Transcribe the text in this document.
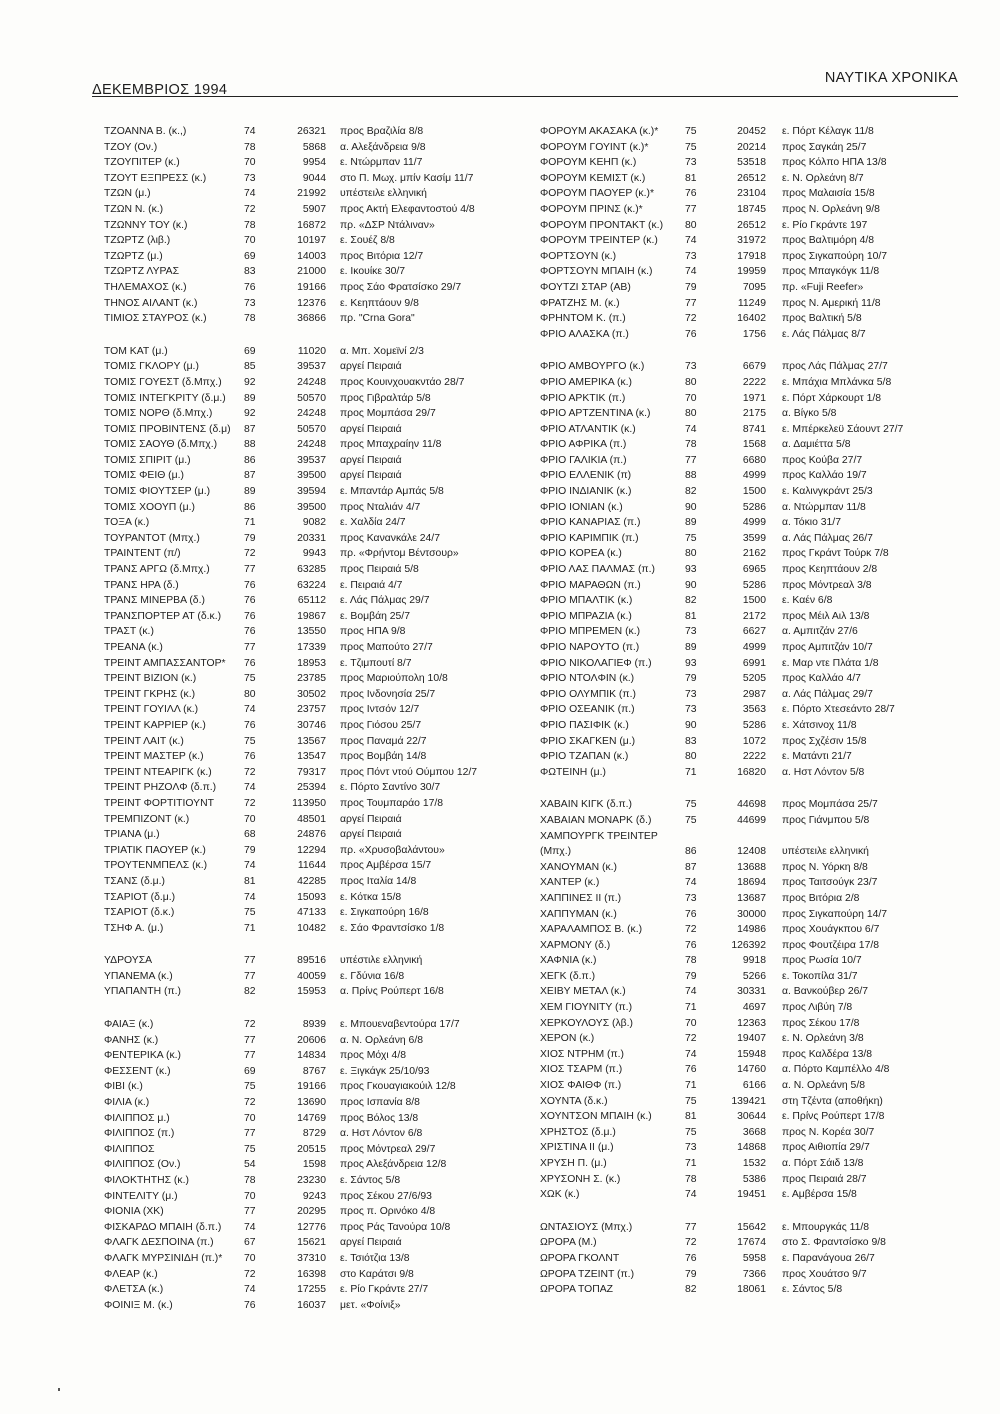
ΔΕΚΕΜΒΡΙΟΣ 1994
ΝΑΥΤΙΚΑ ΧΡΟΝΙΚΑ
ΤΖΟΑΝΝΑ Β. (κ.,)	74	26321 προς Βραζιλία 8/8
ΤΖΟΥ (Ον.)	78	5868 α. Αλεξάνδρεια 9/8
ΤΖΟΥΠΙΤΕΡ (κ.)	70	9954 ε. Ντώρμπαν 11/7
ΤΖΟΥΤ ΕΞΠΡΕΣΣ (κ.)	73	9044 στο Π. Μωχ. μπίν Κασίμ 11/7
ΤΖΩΝ (μ.)	74	21992 υπέστειλε ελληνική
ΤΖΩΝ Ν. (κ.)	72	5907 προς Ακτή Ελεφαντοστού 4/8
ΤΖΩΝΝΥ ΤΟΥ (κ.)	78	16872 πρ. «ΔΣΡ Ντάλιναν»
ΤΖΩΡΤΖ (λιβ.)	70	10197 ε. Σουέζ 8/8
ΤΖΩΡΤΖ (μ.)	69	14003 προς Βιτόρια 12/7
ΤΖΩΡΤΖ ΛΥΡΑΣ	83	21000 ε. Ικουίκε 30/7
ΤΗΛΕΜΑΧΟΣ (κ.)	76	19166 προς Σάο Φρατσίσκο 29/7
ΤΗΝΟΣ ΑΙΛΑΝΤ (κ.)	73	12376 ε. Κεηπτάουν 9/8
ΤΙΜΙΟΣ ΣΤΑΥΡΟΣ (κ.)	78	36866 πρ. "Crna Gora"
ΤΟΜ ΚΑΤ (μ.)	69	11020 α. Μπ. Χομεϊνί 2/3
ΤΟΜΙΣ ΓΚΛΟΡΥ (μ.)	85	39537 αργεί Πειραιά
ΤΟΜΙΣ ΓΟΥΕΣΤ (δ.Μπχ.) 92	24248 προς Κουινχουακντάο 28/7
ΤΟΜΙΣ ΙΝΤΕΓΚΡΙΤΥ (δ.μ.) 89	50570 προς Γιβραλτάρ 5/8
ΤΟΜΙΣ ΝΟΡΘ (δ.Μπχ.)	92	24248 προς Μομπάσα 29/7
ΤΟΜΙΣ ΠΡΟΒΙΝΤΕΝΣ (δ.μ) 87	50570 αργεί Πειραιά
ΤΟΜΙΣ ΣΑΟΥΘ (δ.Μπχ.)	88	24248 προς Μπαχραίην 11/8
ΤΟΜΙΣ ΣΠΙΡΙΤ (μ.)	86	39537 αργεί Πειραιά
ΤΟΜΙΣ ΦΕΙΘ (μ.)	87	39500 αργεί Πειραιά
ΤΟΜΙΣ ΦΙΟΥΤΣΕΡ (μ.)	89	39594 ε. Μπαντάρ Αμπάς 5/8
ΤΟΜΙΣ ΧΟΟΥΠ (μ.)	86	39500 προς Νταλιάν 4/7
ΤΟΞΑ (κ.)	71	9082 ε. Χαλδία 24/7
ΤΟΥΡΑΝΤΟΤ (Μπχ.)	79	20331 προς Κανανκάλε 24/7
ΤΡΑΙΝΤΕΝΤ (π/)	72	9943 πρ. «Φρήντομ Βέντσουρ»
ΤΡΑΝΣ ΑΡΓΩ (δ.Μπχ.)	77	63285 προς Πειραιά 5/8
ΤΡΑΝΣ ΗΡΑ (δ.)	76	63224 ε. Πειραιά 4/7
ΤΡΑΝΣ ΜΙΝΕΡΒΑ (δ.)	76	65112 ε. Λάς Πάλμας 29/7
ΤΡΑΝΣΠΟΡΤΕΡ ΑΤ (δ.κ.) 76	19867 ε. Βομβάη 25/7
ΤΡΑΣΤ (κ.)	76	13550 προς ΗΠΑ 9/8
ΤΡΕΑΝΑ (κ.)	77	17339 προς Μαπούτο 27/7
ΤΡΕΙΝΤ ΑΜΠΑΣΣΑΝΤΟΡ* 76	18953 ε. Τζιμπουτί 8/7
ΤΡΕΙΝΤ ΒΙΖΙΟΝ (κ.)	75	23785 προς Μαριούπολη 10/8
ΤΡΕΙΝΤ ΓΚΡΗΣ (κ.)	80	30502 προς Ινδονησία 25/7
ΤΡΕΙΝΤ ΓΟΥΙΛΛ (κ.)	74	23757 προς Ιντσόν 12/7
ΤΡΕΙΝΤ ΚΑΡΡΙΕΡ (κ.)	76	30746 προς Γιόσου 25/7
ΤΡΕΙΝΤ ΛΑΙΤ (κ.)	75	13567 προς Παναμά 22/7
ΤΡΕΙΝΤ ΜΑΣΤΕΡ (κ.)	76	13547 προς Βομβάη 14/8
ΤΡΕΙΝΤ ΝΤΕΑΡΙΓΚ (κ.)	72	79317 προς Πόντ ντού Ούμπου 12/7
ΤΡΕΙΝΤ ΡΗΖΟΛΦ (δ.π.)	74	25394 ε. Πόρτο Σαντίνο 30/7
ΤΡΕΙΝΤ ΦΟΡΤΙΤΙΟΥΝΤ	72	113950 προς Τουμπαράο 17/8
ΤΡΕΜΠΙΖΟΝΤ (κ.)	70	48501 αργεί Πειραιά
ΤΡΙΑΝΑ (μ.)	68	24876 αργεί Πειραιά
ΤΡΙΑΤΙΚ ΠΑΟΥΕΡ (κ.)	79	12294 πρ. «Χρυσοβαλάντου»
ΤΡΟΥΤΕΝΜΠΕΛΣ (κ.)	74	11644 προς Αμβέρσα 15/7
ΤΣΑΝΣ (δ.μ.)	81	42285 προς Ιταλία 14/8
ΤΣΑΡΙΟΤ (δ.μ.)	74	15093 ε. Κότκα 15/8
ΤΣΑΡΙΟΤ (δ.κ.)	75	47133 ε. Σιγκαπούρη 16/8
ΤΣΗΦ Α. (μ.)	71	10482 ε. Σάο Φραντσίσκο 1/8
ΥΔΡΟΥΣΑ	77	89516 υπέστιλε ελληνική
ΥΠΑΝΕΜΑ (κ.)	77	40059 ε. Γδύνια 16/8
ΥΠΑΠΑΝΤΗ (π.)	82	15953 α. Πρίνς Ρούπερτ 16/8
ΦΑΙΑΞ (κ.)	72	8939 ε. Μπουεναβεντούρα 17/7
ΦΑΝΗΣ (κ.)	77	20606 α. Ν. Ορλεάνη 6/8
ΦΕΝΤΕΡΙΚΑ (κ.)	77	14834 προς Μόχι 4/8
ΦΕΣΣΕΝΤ (κ.)	69	8767 ε. Ξιγκάγκ 25/10/93
ΦΙΒΙ (κ.)	75	19166 προς Γκουαγιακούιλ 12/8
ΦΙΛΙΑ (κ.)	72	13690 προς Ισπανία 8/8
ΦΙΛΙΠΠΟΣ μ.)	70	14769 προς Βόλος 13/8
ΦΙΛΙΠΠΟΣ (π.)	77	8729 α. Ηστ Λόντον 6/8
ΦΙΛΙΠΠΟΣ	75	20515 προς Μόντρεαλ 29/7
ΦΙΛΙΠΠΟΣ (Ον.)	54	1598 προς Αλεξάνδρεια 12/8
ΦΙΛΟΚΤΗΤΗΣ (κ.)	78	23230 ε. Σάντος 5/8
ΦΙΝΤΕΛΙΤΥ (μ.)	70	9243 προς Σέκου 27/6/93
ΦΙΟΝΙΑ (ΧΚ)	77	20295 προς π. Ορινόκο 4/8
ΦΙΣΚΑΡΔΟ ΜΠΑΙΗ (δ.π.) 74	12776 προς Ράς Τανούρα 10/8
ΦΛΑΓΚ ΔΕΣΠΟΙΝΑ (π.)	67	15621 αργεί Πειραιά
ΦΛΑΓΚ ΜΥΡΣΙΝΙΔΗ (π.)* 70	37310 ε. Τσιότζια 13/8
ΦΛΕΑΡ (κ.)	72	16398 στο Καράτσι 9/8
ΦΛΕΤΣΑ (κ.)	74	17255 ε. Ρίο Γκράντε 27/7
ΦΟΙΝΙΞ Μ. (κ.)	76	16037 μετ. «Φοίνιξ»
ΦΟΡΟΥΜ ΑΚΑΣΑΚΑ (κ.)*	75	20452 ε. Πόρτ Κέλαγκ 11/8
ΦΟΡΟΥΜ ΓΟΥΙΝΤ (κ.)*	75	20214 προς Σαγκάη 25/7
ΦΟΡΟΥΜ ΚΕΗΠ (κ.)	73	53518 προς Κόλπο ΗΠΑ 13/8
ΦΟΡΟΥΜ ΚΕΜΙΣΤ (κ.)	81	26512 ε. Ν. Ορλεάνη 8/7
ΦΟΡΟΥΜ ΠΑΟΥΕΡ (κ.)*	76	23104 προς Μαλαισία 15/8
ΦΟΡΟΥΜ ΠΡΙΝΣ (κ.)*	77	18745 προς Ν. Ορλεάνη 9/8
ΦΟΡΟΥΜ ΠΡΟΝΤΑΚΤ (κ.) 80	26512 ε. Ρίο Γκράντε 197
ΦΟΡΟΥΜ ΤΡΕΙΝΤΕΡ (κ.)	74	31972 προς Βαλτιμόρη 4/8
ΦΟΡΤΣΟΥΝ (κ.)	73	17918 προς Σιγκαπούρη 10/7
ΦΟΡΤΣΟΥΝ ΜΠΑΙΗ (κ.)	74	19959 προς Μπαγκόγκ 11/8
ΦΟΥΤΖΙ ΣΤΑΡ (ΑΒ)	79	7095 πρ. «Fuji Reefer»
ΦΡΑΤΖΗΣ Μ. (κ.)	77	11249 προς Ν. Αμερική 11/8
ΦΡΗΝΤΟΜ Κ. (π.)	72	16402 προς Βαλτική 5/8
ΦΡΙΟ ΑΛΑΣΚΑ (π.)	76	1756 ε. Λάς Πάλμας 8/7
ΦΡΙΟ ΑΜΒΟΥΡΓΟ (κ.)	73	6679 προς Λάς Πάλμας 27/7
ΦΡΙΟ ΑΜΕΡΙΚΑ (κ.)	80	2222 ε. Μπάχια Μπλάνκα 5/8
ΦΡΙΟ ΑΡΚΤΙΚ (π.)	70	1971 ε. Πόρτ Χάρκουρτ 1/8
ΦΡΙΟ ΑΡΤΖΕΝΤΙΝΑ (κ.)	80	2175 α. Βίγκο 5/8
ΦΡΙΟ ΑΤΛΑΝΤΙΚ (κ.)	74	8741 ε. Μπέρκελεϋ Σάουντ 27/7
ΦΡΙΟ ΑΦΡΙΚΑ (π.)	78	1568 α. Δαμιέττα 5/8
ΦΡΙΟ ΓΑΛΙΚΙΑ (π.)	77	6680 προς Κούβα 27/7
ΦΡΙΟ ΕΛΛΕΝΙΚ (π)	88	4999 προς Καλλάο 19/7
ΦΡΙΟ ΙΝΔΙΑΝΙΚ (κ.)	82	1500 ε. Καλινγκράντ 25/3
ΦΡΙΟ ΙΟΝΙΑΝ (κ.)	90	5286 α. Ντώρμπαν 11/8
ΦΡΙΟ ΚΑΝΑΡΙΑΣ (π.)	89	4999 α. Τόκιο 31/7
ΦΡΙΟ ΚΑΡΙΜΠΙΚ (π.)	75	3599 α. Λάς Πάλμας 26/7
ΦΡΙΟ ΚΟΡΕΑ (κ.)	80	2162 προς Γκράντ Τούρκ 7/8
ΦΡΙΟ ΛΑΣ ΠΑΛΜΑΣ (π.)	93	6965 προς Κεηπτάουν 2/8
ΦΡΙΟ ΜΑΡΑΘΩΝ (π.)	90	5286 προς Μόντρεαλ 3/8
ΦΡΙΟ ΜΠΑΛΤΙΚ (κ.)	82	1500 ε. Καέν 6/8
ΦΡΙΟ ΜΠΡΑΖΙΑ (κ.)	81	2172 προς Μέιλ Αιλ 13/8
ΦΡΙΟ ΜΠΡΕΜΕΝ (κ.)	73	6627 α. Αμπιτζάν 27/6
ΦΡΙΟ ΝΑΡΟΥΤΟ (π.)	89	4999 προς Αμπιτζάν 10/7
ΦΡΙΟ ΝΙΚΟΛΑΓΙΕΦ (π.)	93	6991 ε. Μαρ ντε Πλάτα 1/8
ΦΡΙΟ ΝΤΟΛΦΙΝ (κ.)	79	5205 προς Καλλάο 4/7
ΦΡΙΟ ΟΛΥΜΠΙΚ (π.)	73	2987 α. Λάς Πάλμας 29/7
ΦΡΙΟ ΟΣΕΑΝΙΚ (π.)	73	3563 ε. Πόρτο Χτεσεάντο 28/7
ΦΡΙΟ ΠΑΣΙΦΙΚ (κ.)	90	5286 ε. Χάτσινοχ 11/8
ΦΡΙΟ ΣΚΑΓΚΕΝ (μ.)	83	1072 προς Σχζέσιν 15/8
ΦΡΙΟ ΤΖΑΠΑΝ (κ.)	80	2222 ε. Ματάντι 21/7
ΦΩΤΕΙΝΗ (μ.)	71	16820 α. Ηστ Λόντον 5/8
ΧΑΒΑΙΝ ΚΙΓΚ (δ.π.)	75	44698 προς Μομπάσα 25/7
ΧΑΒΑΙΑΝ ΜΟΝΑΡΚ (δ.)	75	44699 προς Γιάνμπου 5/8
ΧΑΜΠΟΥΡΓΚ ΤΡΕΙΝΤΕΡ
(Μπχ.)	86	12408 υπέστειλε ελληνική
ΧΑΝΟΥΜΑΝ (κ.)	87	13688 προς Ν. Υόρκη 8/8
ΧΑΝΤΕΡ (κ.)	74	18694 προς Ταιτσούγκ 23/7
ΧΑΠΠΙΝΕΣ ΙΙ (π.)	73	13687 προς Βιτόρια 2/8
ΧΑΠΠΥΜΑΝ (κ.)	76	30000 προς Σιγκαπούρη 14/7
ΧΑΡΑΛΑΜΠΟΣ Β. (κ.)	72	14986 προς Χουάγκπου 6/7
ΧΑΡΜΟΝΥ (δ.)	76	126392 προς Φουτζέιρα 17/8
ΧΑΦΝΙΑ (κ.)	78	9918 προς Ρωσία 10/7
ΧΕΓΚ (δ.π.)	79	5266 ε. Τοκοπίλα 31/7
ΧΕΙΒΥ ΜΕΤΑΛ (κ.)	74	30331 α. Βανκούβερ 26/7
ΧΕΜ ΓΙΟΥΝΙΤΥ (π.)	71	4697 προς Λιβύη 7/8
ΧΕΡΚΟΥΛΟΥΣ (λβ.)	70	12363 προς Σέκου 17/8
ΧΕΡΟΝ (κ.)	72	19407 ε. Ν. Ορλεάνη 3/8
ΧΙΟΣ ΝΤΡΗΜ (π.)	74	15948 προς Καλδέρα 13/8
ΧΙΟΣ ΤΣΑΡΜ (π.)	76	14760 α. Πόρτο Καμπέλλο 4/8
ΧΙΟΣ ΦΑΙΘΦ (π.)	71	6166 α. Ν. Ορλεάνη 5/8
ΧΟΥΝΤΑ (δ.κ.)	75	139421 στη Τζέντα (αποθήκη)
ΧΟΥΝΤΣΟΝ ΜΠΑΙΗ (κ.)	81	30644 ε. Πρίνς Ρούπερτ 17/8
ΧΡΗΣΤΟΣ (δ.μ.)	75	3668 προς Ν. Κορέα 30/7
ΧΡΙΣΤΙΝΑ ΙΙ (μ.)	73	14868 προς Αιθιοπία 29/7
ΧΡΥΣΗ Π. (μ.)	71	1532 α. Πόρτ Σάιδ 13/8
ΧΡΥΣΟΝΗ Σ. (κ.)	78	5386 προς Πειραιά 28/7
ΧΩΚ (κ.)	74	19451 ε. Αμβέρσα 15/8
ΩΝΤΑΣΙΟΥΣ (Μπχ.)	77	15642 ε. Μπουργκάς 11/8
ΩΡΟΡΑ (Μ.)	72	17674 στο Σ. Φραντσίσκο 9/8
ΩΡΟΡΑ ΓΚΟΛΝΤ	76	5958 ε. Παρανάγουα 26/7
ΩΡΟΡΑ ΤΖΕΙΝΤ (π.)	79	7366 προς Χουάτσο 9/7
ΩΡΟΡΑ ΤΟΠΑΖ	82	18061 ε. Σάντος 5/8
